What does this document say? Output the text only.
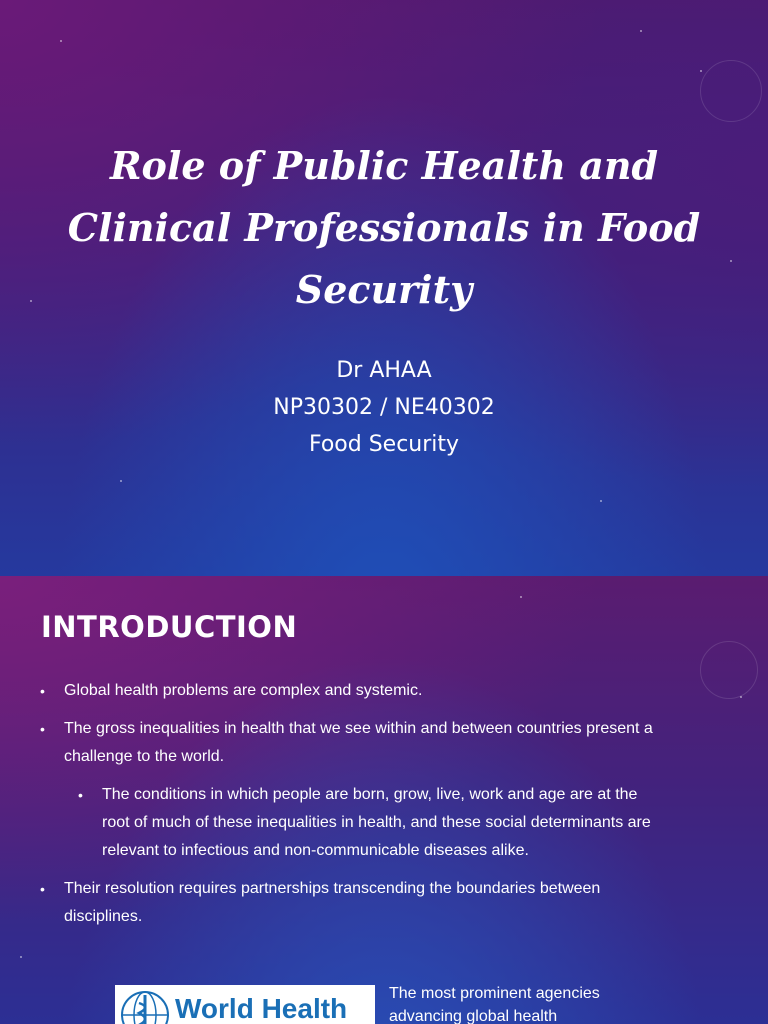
Role of Public Health and Clinical Professionals in Food Security
Dr AHAA
NP30302 / NE40302
Food Security
INTRODUCTION
• Global health problems are complex and systemic.
• The gross inequalities in health that we see within and between countries present a challenge to the world.
• The conditions in which people are born, grow, live, work and age are at the root of much of these inequalities in health, and these social determinants are relevant to infectious and non-communicable diseases alike.
• Their resolution requires partnerships transcending the boundaries between disciplines.
World Health	The most prominent agencies advancing global health
